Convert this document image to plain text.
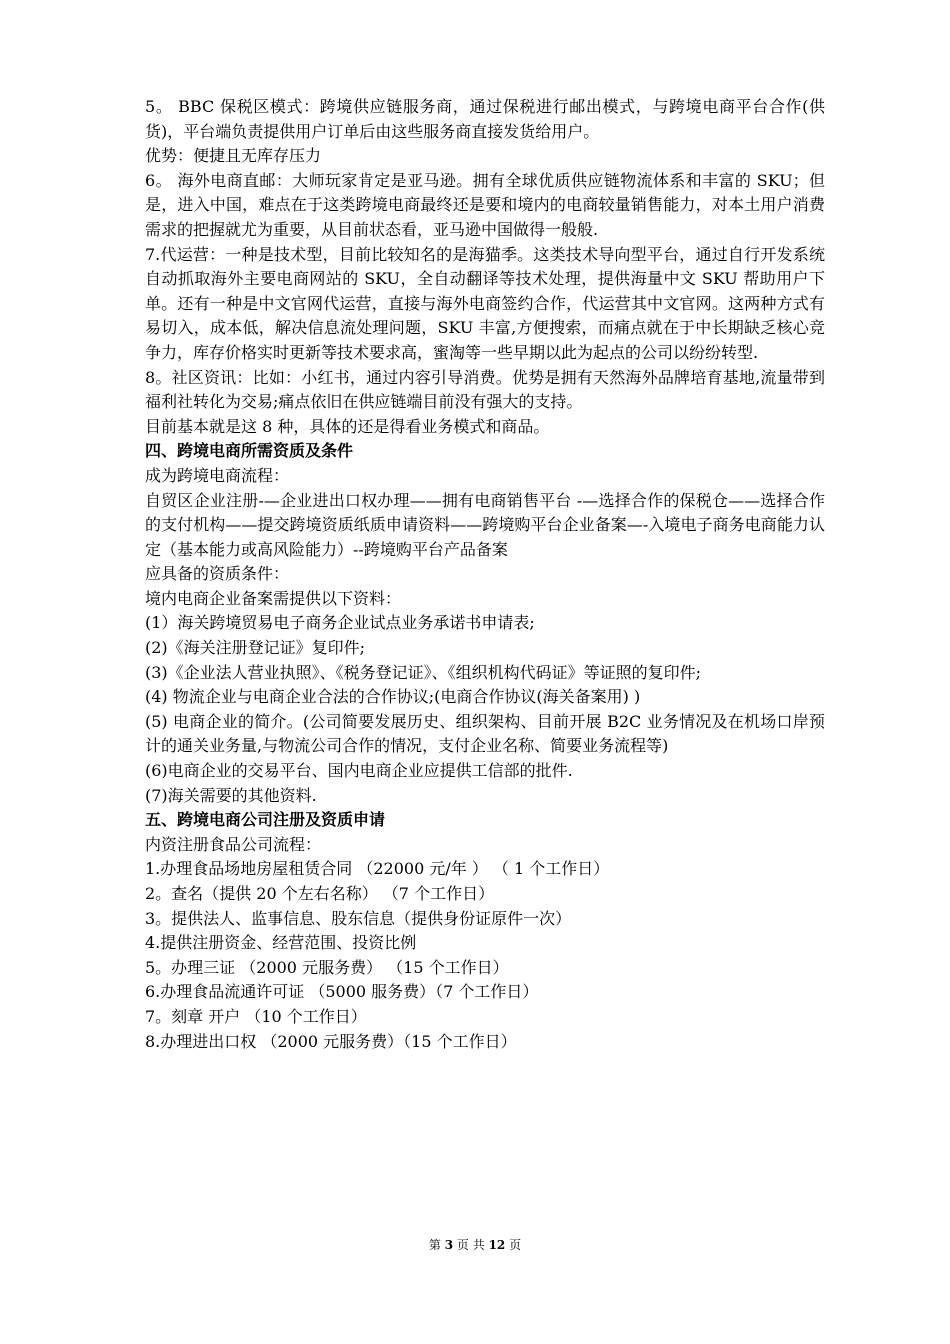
5。 BBC 保税区模式：跨境供应链服务商，通过保税进行邮出模式，与跨境电商平台合作(供货)，平台端负责提供用户订单后由这些服务商直接发货给用户。

优势：便捷且无库存压力

6。 海外电商直邮：大师玩家肯定是亚马逊。拥有全球优质供应链物流体系和丰富的 SKU；但是，进入中国，难点在于这类跨境电商最终还是要和境内的电商较量销售能力，对本土用户消费需求的把握就尤为重要，从目前状态看，亚马逊中国做得一般般.

7.代运营：一种是技术型，目前比较知名的是海猫季。这类技术导向型平台，通过自行开发系统自动抓取海外主要电商网站的 SKU，全自动翻译等技术处理，提供海量中文 SKU 帮助用户下单。还有一种是中文官网代运营，直接与海外电商签约合作，代运营其中文官网。这两种方式有易切入，成本低，解决信息流处理问题，SKU 丰富,方便搜索，而痛点就在于中长期缺乏核心竞争力，库存价格实时更新等技术要求高，蜜淘等一些早期以此为起点的公司以纷纷转型.

8。社区资讯：比如：小红书，通过内容引导消费。优势是拥有天然海外品牌培育基地,流量带到福利社转化为交易;痛点依旧在供应链端目前没有强大的支持。

目前基本就是这 8 种，具体的还是得看业务模式和商品。

四、跨境电商所需资质及条件

成为跨境电商流程：

自贸区企业注册-—企业进出口权办理——拥有电商销售平台 -—选择合作的保税仓——选择合作的支付机构——提交跨境资质纸质申请资料——跨境购平台企业备案—-入境电子商务电商能力认定（基本能力或高风险能力）--跨境购平台产品备案

应具备的资质条件：

境内电商企业备案需提供以下资料：

(1）海关跨境贸易电子商务企业试点业务承诺书申请表;

(2)《海关注册登记证》复印件;

(3)《企业法人营业执照》、《税务登记证》、《组织机构代码证》等证照的复印件;

(4) 物流企业与电商企业合法的合作协议;(电商合作协议(海关备案用) )

(5) 电商企业的简介。(公司简要发展历史、组织架构、目前开展 B2C 业务情况及在机场口岸预计的通关业务量,与物流公司合作的情况，支付企业名称、简要业务流程等)

(6)电商企业的交易平台、国内电商企业应提供工信部的批件.

(7)海关需要的其他资料.

五、跨境电商公司注册及资质申请

内资注册食品公司流程：

1.办理食品场地房屋租赁合同 （22000 元/年 ） （ 1 个工作日）

2。查名（提供 20 个左右名称） （7 个工作日）

3。提供法人、监事信息、股东信息（提供身份证原件一次）

4.提供注册资金、经营范围、投资比例

5。办理三证 （2000 元服务费） （15 个工作日）

6.办理食品流通许可证 （5000 服务费）（7 个工作日）

7。刻章 开户 （10 个工作日）

8.办理进出口权 （2000 元服务费）（15 个工作日）

第 3 页 共 12 页
